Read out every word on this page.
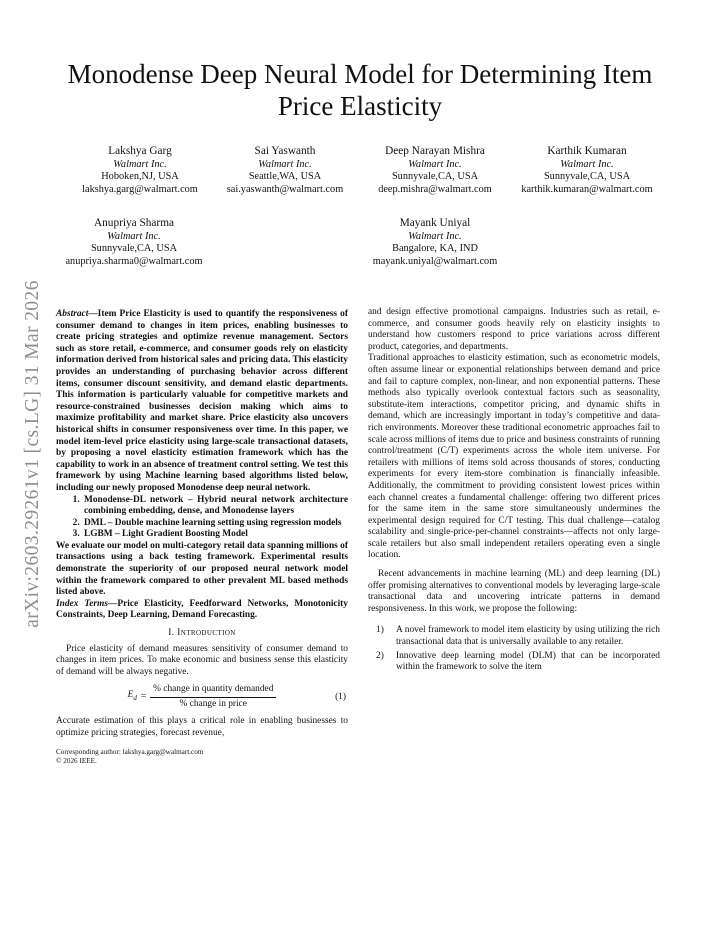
arXiv:2603.29261v1 [cs.LG] 31 Mar 2026
Monodense Deep Neural Model for Determining Item Price Elasticity
Lakshya Garg
Walmart Inc.
Hoboken,NJ, USA
lakshya.garg@walmart.com
Sai Yaswanth
Walmart Inc.
Seattle,WA, USA
sai.yaswanth@walmart.com
Deep Narayan Mishra
Walmart Inc.
Sunnyvale,CA, USA
deep.mishra@walmart.com
Karthik Kumaran
Walmart Inc.
Sunnyvale,CA, USA
karthik.kumaran@walmart.com
Anupriya Sharma
Walmart Inc.
Sunnyvale,CA, USA
anupriya.sharma0@walmart.com
Mayank Uniyal
Walmart Inc.
Bangalore, KA, IND
mayank.uniyal@walmart.com

Abstract—Item Price Elasticity is used to quantify the responsiveness of consumer demand to changes in item prices, enabling businesses to create pricing strategies and optimize revenue management. Sectors such as store retail, e-commerce, and consumer goods rely on elasticity information derived from historical sales and pricing data. This elasticity provides an understanding of purchasing behavior across different items, consumer discount sensitivity, and demand elastic departments. This information is particularly valuable for competitive markets and resource-constrained businesses decision making which aims to maximize profitability and market share. Price elasticity also uncovers historical shifts in consumer responsiveness over time. In this paper, we model item-level price elasticity using large-scale transactional datasets, by proposing a novel elasticity estimation framework which has the capability to work in an absence of treatment control setting. We test this framework by using Machine learning based algorithms listed below, including our newly proposed Monodense deep neural network.

1. Monodense-DL network – Hybrid neural network architecture combining embedding, dense, and Monodense layers
2. DML – Double machine learning setting using regression models
3. LGBM – Light Gradient Boosting Model

We evaluate our model on multi-category retail data spanning millions of transactions using a back testing framework. Experimental results demonstrate the superiority of our proposed neural network model within the framework compared to other prevalent ML based methods listed above.

Index Terms—Price Elasticity, Feedforward Networks, Monotonicity Constraints, Deep Learning, Demand Forecasting.

I. Introduction

Price elasticity of demand measures sensitivity of consumer demand to changes in item prices. To make economic and business sense this elasticity of demand will be always negative.

$E_d = \frac{\text{\% change in quantity demanded}}{\text{\% change in price}}$	(1)

Accurate estimation of this plays a critical role in enabling businesses to optimize pricing strategies, forecast revenue,

Corresponding author: lakshya.garg@walmart.com
© 2026 IEEE.

and design effective promotional campaigns. Industries such as retail, e-commerce, and consumer goods heavily rely on elasticity insights to understand how customers respond to price variations across different product, categories, and departments.

Traditional approaches to elasticity estimation, such as econometric models, often assume linear or exponential relationships between demand and price and fail to capture complex, non-linear, and non exponential patterns. These methods also typically overlook contextual factors such as seasonality, substitute-item interactions, competitor pricing, and dynamic shifts in demand, which are increasingly important in today’s competitive and data-rich environments. Moreover these traditional econometric approaches fail to scale across millions of items due to price and business constraints of running control/treatment (C/T) experiments across the whole item universe. For retailers with millions of items sold across thousands of stores, conducting experiments for every item-store combination is financially infeasible. Additionally, the commitment to providing consistent lowest prices within each channel creates a fundamental challenge: offering two different prices for the same item in the same store simultaneously undermines the experimental design required for C/T testing. This dual challenge—catalog scalability and single-price-per-channel constraints—affects not only large-scale retailers but also small independent retailers operating even a single location.

Recent advancements in machine learning (ML) and deep learning (DL) offer promising alternatives to conventional models by leveraging large-scale transactional data and uncovering intricate patterns in demand responsiveness. In this work, we propose the following:

1) A novel framework to model item elasticity by using utilizing the rich transactional data that is universally available to any retailer.
2) Innovative deep learning model (DLM) that can be incorporated within the framework to solve the item
